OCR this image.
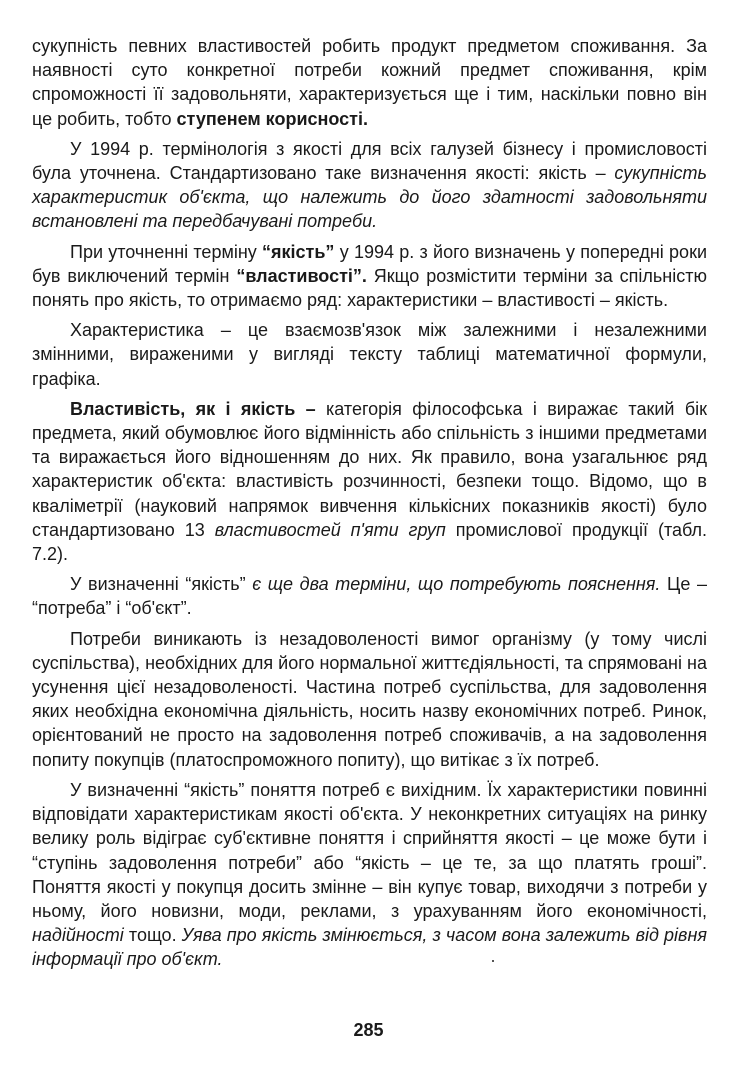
сукупність певних властивостей робить продукт предметом споживання. За наявності суто конкретної потреби кожний предмет споживання, крім спроможності її задовольняти, характеризується ще і тим, наскільки повно він це робить, тобто ступенем корисності.

У 1994 р. термінологія з якості для всіх галузей бізнесу і промисловості була уточнена. Стандартизовано таке визначення якості: якість – сукупність характеристик об'єкта, що належить до його здатності задовольняти встановлені та передбачувані потреби.

При уточненні терміну “якість” у 1994 р. з його визначень у попередні роки був виключений термін “властивості”. Якщо розмістити терміни за спільністю понять про якість, то отримаємо ряд: характеристики – властивості – якість.

Характеристика – це взаємозв'язок між залежними і незалежними змінними, вираженими у вигляді тексту таблиці математичної формули, графіка.

Властивість, як і якість – категорія філософська і виражає такий бік предмета, який обумовлює його відмінність або спільність з іншими предметами та виражається його відношенням до них. Як правило, вона узагальнює ряд характеристик об'єкта: властивість розчинності, безпеки тощо. Відомо, що в кваліметрії (науковий напрямок вивчення кількісних показників якості) було стандартизовано 13 властивостей п'яти груп промислової продукції (табл. 7.2).

У визначенні “якість” є ще два терміни, що потребують пояснення. Це – “потреба” і “об'єкт”.

Потреби виникають із незадоволеності вимог організму (у тому числі суспільства), необхідних для його нормальної життєдіяльності, та спрямовані на усунення цієї незадоволеності. Частина потреб суспільства, для задоволення яких необхідна економічна діяльність, носить назву економічних потреб. Ринок, орієнтований не просто на задоволення потреб споживачів, а на задоволення попиту покупців (платоспроможного попиту), що витікає з їх потреб.

У визначенні “якість” поняття потреб є вихідним. Їх характеристики повинні відповідати характеристикам якості об'єкта. У неконкретних ситуаціях на ринку велику роль відіграє суб'єктивне поняття і сприйняття якості – це може бути і “ступінь задоволення потреби” або “якість – це те, за що платять гроші”. Поняття якості у покупця досить змінне – він купує товар, виходячи з потреби у ньому, його новизни, моди, реклами, з урахуванням його економічності, надійності тощо. Уява про якість змінюється, з часом вона залежить від рівня інформації про об'єкт.

285
